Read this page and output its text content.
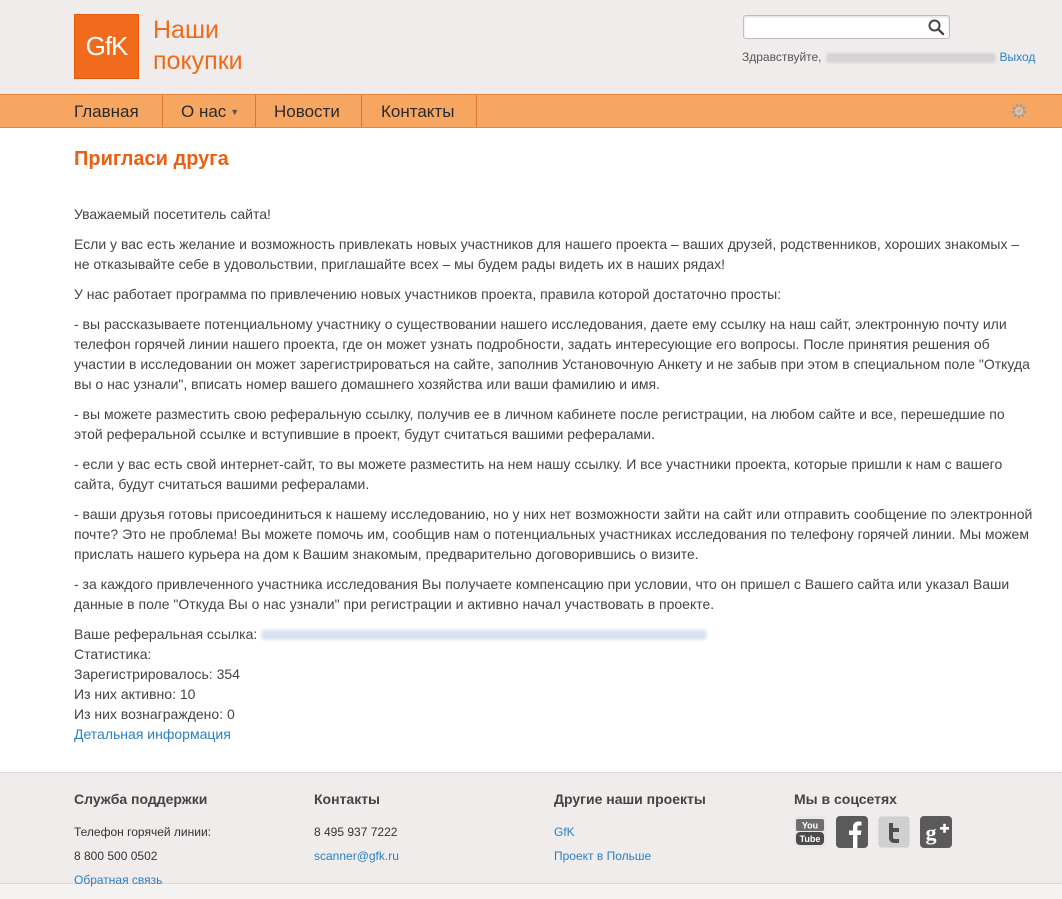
GfK
Наши
покупки	Здравствуйте,	Выход
Главная О нас ▼ Новости Контакты
Пригласи друга

Уважаемый посетитель сайта!

Если у вас есть желание и возможность привлекать новых участников для нашего проекта – ваших друзей, родственников, хороших знакомых – не отказывайте себе в удовольствии, приглашайте всех – мы будем рады видеть их в наших рядах!

У нас работает программа по привлечению новых участников проекта, правила которой достаточно просты:

- вы рассказываете потенциальному участнику о существовании нашего исследования, даете ему ссылку на наш сайт, электронную почту или телефон горячей линии нашего проекта, где он может узнать подробности, задать интересующие его вопросы. После принятия решения об участии в исследовании он может зарегистрироваться на сайте, заполнив Установочную Анкету и не забыв при этом в специальном поле "Откуда вы о нас узнали", вписать номер вашего домашнего хозяйства или ваши фамилию и имя.

- вы можете разместить свою реферальную ссылку, получив ее в личном кабинете после регистрации, на любом сайте и все, перешедшие по этой реферальной ссылке и вступившие в проект, будут считаться вашими рефералами.

- если у вас есть свой интернет-сайт, то вы можете разместить на нем нашу ссылку. И все участники проекта, которые пришли к нам с вашего сайта, будут считаться вашими рефералами.

- ваши друзья готовы присоединиться к нашему исследованию, но у них нет возможности зайти на сайт или отправить сообщение по электронной почте? Это не проблема! Вы можете помочь им, сообщив нам о потенциальных участниках исследования по телефону горячей линии. Мы можем прислать нашего курьера на дом к Вашим знакомым, предварительно договорившись о визите.

- за каждого привлеченного участника исследования Вы получаете компенсацию при условии, что он пришел с Вашего сайта или указал Ваши данные в поле "Откуда Вы о нас узнали" при регистрации и активно начал участвовать в проекте.

Ваше реферальная ссылка:
Статистика:
Зарегистрировалось: 354
Из них активно: 10
Из них вознаграждено: 0
Детальная информация
Служба поддержки
Телефон горячей линии:
8 800 500 0502
Обратная связь
Контакты
8 495 937 7222
scanner@gfk.ru
Другие наши проекты
GfK
Проект в Польше
Мы в соцсетях
You
Tube	g
